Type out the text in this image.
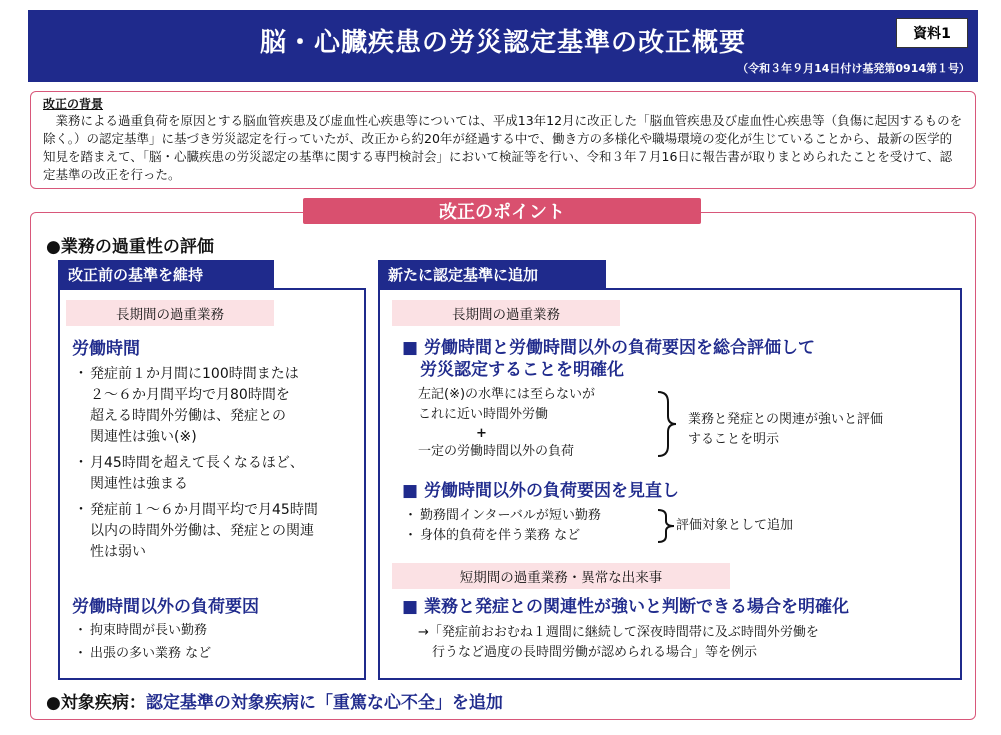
脳・心臓疾患の労災認定基準の改正概要	資料1
（令和３年９月14日付け基発第0914第１号）
改正の背景
業務による過重負荷を原因とする脳血管疾患及び虚血性心疾患等については、平成13年12月に改正した「脳血管疾患及び虚血性心疾患等（負傷に起因するものを除く。）の認定基準」に基づき労災認定を行っていたが、改正から約20年が経過する中で、働き方の多様化や職場環境の変化が生じていることから、最新の医学的知見を踏まえて、「脳・心臓疾患の労災認定の基準に関する専門検討会」において検証等を行い、令和３年７月16日に報告書が取りまとめられたことを受けて、認定基準の改正を行った。
改正のポイント
●業務の過重性の評価
改正前の基準を維持
長期間の過重業務
労働時間
・ 発症前１か月間に100時間または
２～６か月間平均で月80時間を
超える時間外労働は、発症との
関連性は強い(※)
・ 月45時間を超えて長くなるほど、
関連性は強まる
・ 発症前１～６か月間平均で月45時間
以内の時間外労働は、発症との関連
性は弱い
労働時間以外の負荷要因
・ 拘束時間が長い勤務
・ 出張の多い業務 など
新たに認定基準に追加
長期間の過重業務
■ 労働時間と労働時間以外の負荷要因を総合評価して
労災認定することを明確化
左記(※)の水準には至らないが
これに近い時間外労働
+
一定の労働時間以外の負荷
業務と発症との関連が強いと評価
することを明示
■ 労働時間以外の負荷要因を見直し
・ 勤務間インターバルが短い勤務
・ 身体的負荷を伴う業務 など
評価対象として追加
短期間の過重業務・異常な出来事
■ 業務と発症との関連性が強いと判断できる場合を明確化
→「発症前おおむね１週間に継続して深夜時間帯に及ぶ時間外労働を
行うなど過度の長時間労働が認められる場合」等を例示
●対象疾病：認定基準の対象疾病に「重篤な心不全」を追加
